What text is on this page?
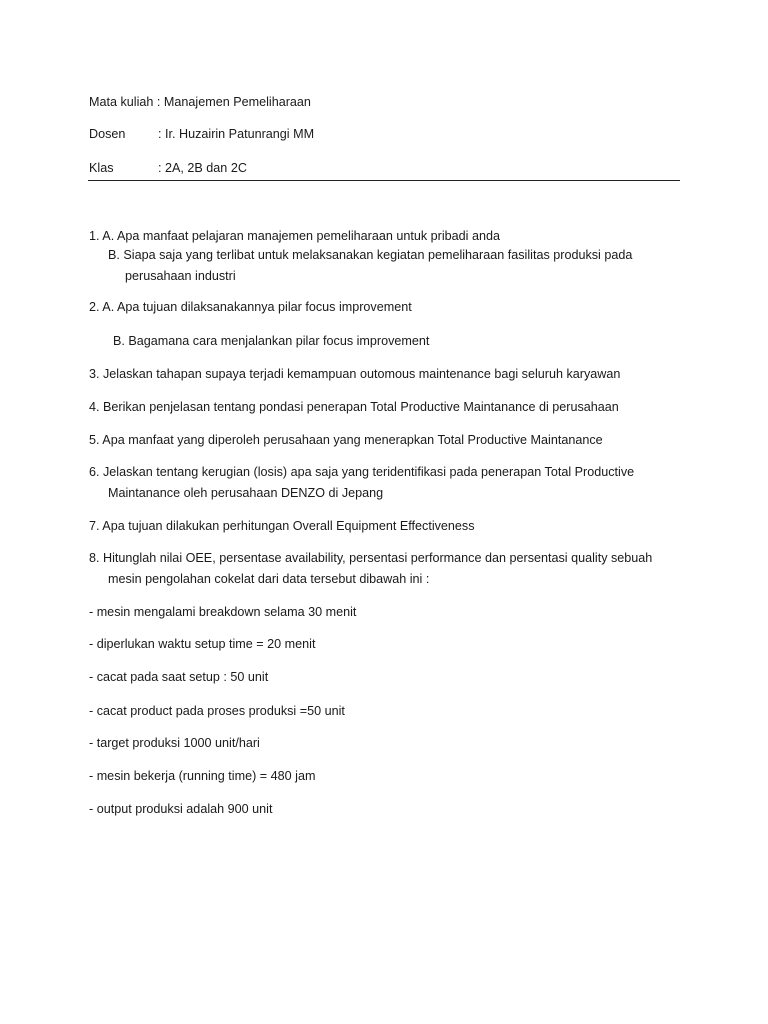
Mata kuliah : Manajemen Pemeliharaan
Dosen	: Ir. Huzairin Patunrangi MM
Klas	: 2A, 2B dan 2C
1. A. Apa manfaat pelajaran manajemen pemeliharaan untuk pribadi anda
B. Siapa saja yang terlibat untuk melaksanakan kegiatan pemeliharaan fasilitas produksi pada
perusahaan industri
2. A. Apa tujuan dilaksanakannya pilar focus improvement
B. Bagamana cara menjalankan pilar focus improvement
3. Jelaskan tahapan supaya terjadi kemampuan outomous maintenance bagi seluruh karyawan
4. Berikan penjelasan tentang pondasi penerapan Total Productive Maintanance di perusahaan
5. Apa manfaat yang diperoleh perusahaan yang menerapkan Total Productive Maintanance
6. Jelaskan tentang kerugian (losis) apa saja yang teridentifikasi pada penerapan Total Productive
Maintanance oleh perusahaan DENZO di Jepang
7. Apa tujuan dilakukan perhitungan Overall Equipment Effectiveness
8. Hitunglah nilai OEE, persentase availability, persentasi performance dan persentasi quality sebuah
mesin pengolahan cokelat dari data tersebut dibawah ini :
- mesin mengalami breakdown selama 30 menit
- diperlukan waktu setup time = 20 menit
- cacat pada saat setup : 50 unit
- cacat product pada proses produksi =50 unit
- target produksi 1000 unit/hari
- mesin bekerja (running time) = 480 jam
- output produksi adalah 900 unit
